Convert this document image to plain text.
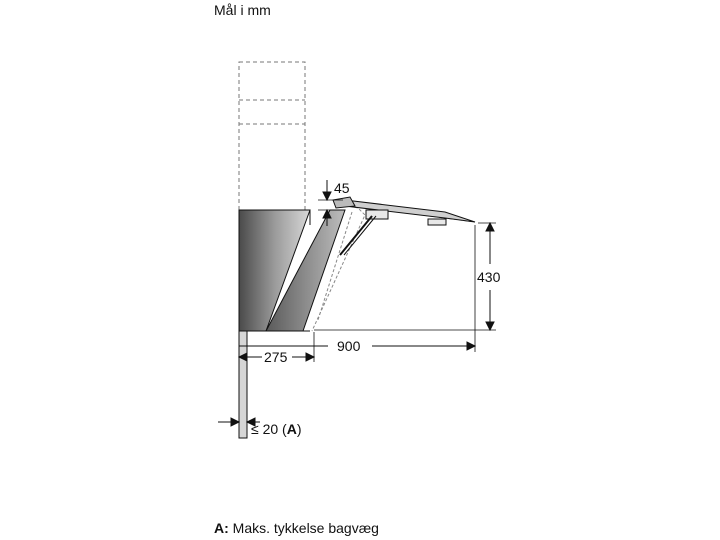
Mål i mm
45
430
900
275
≤ 20 (A)
A: Maks. tykkelse bagvæg
